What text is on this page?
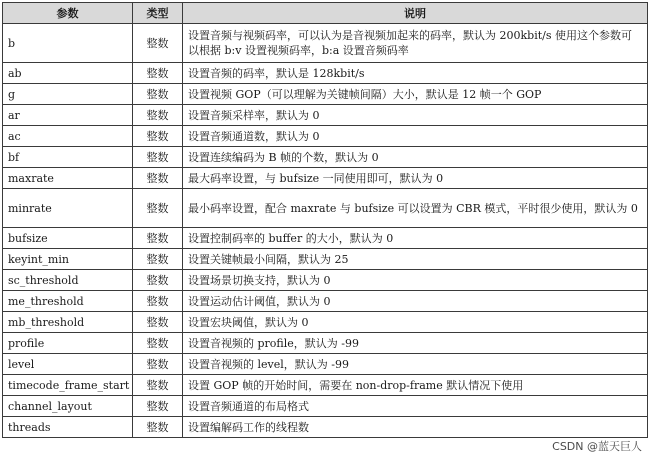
参数	类型	说明
b	整数	设置音频与视频码率，可以认为是音视频加起来的码率，默认为 200kbit/s 使用这个参数可以根据 b:v 设置视频码率，b:a 设置音频码率
ab	整数	设置音频的码率，默认是 128kbit/s
g	整数	设置视频 GOP（可以理解为关键帧间隔）大小，默认是 12 帧一个 GOP
ar	整数	设置音频采样率，默认为 0
ac	整数	设置音频通道数，默认为 0
bf	整数	设置连续编码为 B 帧的个数，默认为 0
maxrate	整数	最大码率设置，与 bufsize 一同使用即可，默认为 0
minrate	整数	最小码率设置，配合 maxrate 与 bufsize 可以设置为 CBR 模式，平时很少使用，默认为 0
bufsize	整数	设置控制码率的 buffer 的大小，默认为 0
keyint_min	整数	设置关键帧最小间隔，默认为 25
sc_threshold	整数	设置场景切换支持，默认为 0
me_threshold	整数	设置运动估计阈值，默认为 0
mb_threshold	整数	设置宏块阈值，默认为 0
profile	整数	设置音视频的 profile，默认为 -99
level	整数	设置音视频的 level，默认为 -99
timecode_frame_start	整数	设置 GOP 帧的开始时间，需要在 non-drop-frame 默认情况下使用
channel_layout	整数	设置音频通道的布局格式
threads	整数	设置编解码工作的线程数
CSDN @蓝天巨人
